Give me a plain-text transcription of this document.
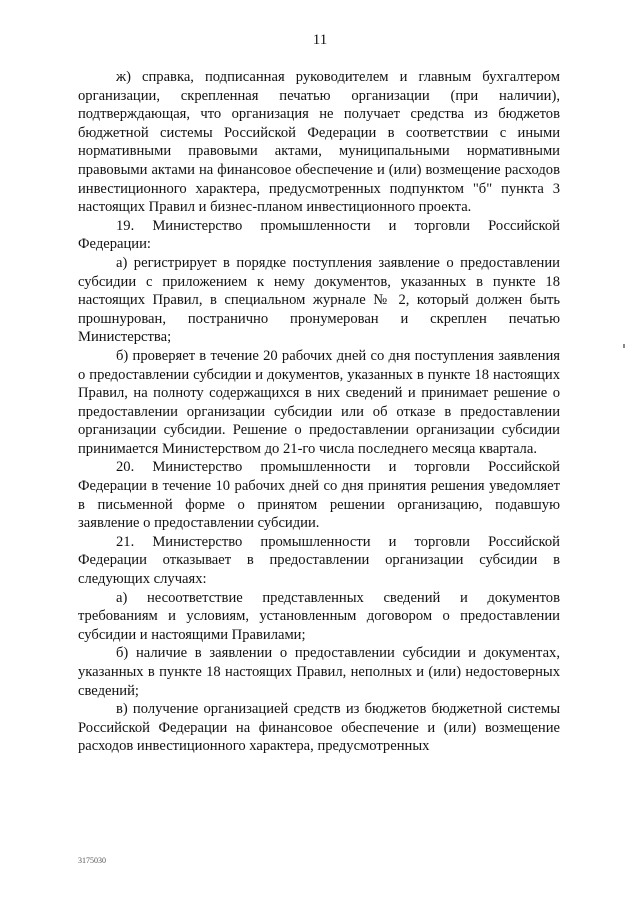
11

ж) справка, подписанная руководителем и главным бухгалтером организации, скрепленная печатью организации (при наличии), подтверждающая, что организация не получает средства из бюджетов бюджетной системы Российской Федерации в соответствии с иными нормативными правовыми актами, муниципальными нормативными правовыми актами на финансовое обеспечение и (или) возмещение расходов инвестиционного характера, предусмотренных подпунктом "б" пункта 3 настоящих Правил и бизнес-планом инвестиционного проекта.

19. Министерство промышленности и торговли Российской Федерации:

а) регистрирует в порядке поступления заявление о предоставлении субсидии с приложением к нему документов, указанных в пункте 18 настоящих Правил, в специальном журнале № 2, который должен быть прошнурован, постранично пронумерован и скреплен печатью Министерства;

б) проверяет в течение 20 рабочих дней со дня поступления заявления о предоставлении субсидии и документов, указанных в пункте 18 настоящих Правил, на полноту содержащихся в них сведений и принимает решение о предоставлении организации субсидии или об отказе в предоставлении организации субсидии. Решение о предоставлении организации субсидии принимается Министерством до 21-го числа последнего месяца квартала.

20. Министерство промышленности и торговли Российской Федерации в течение 10 рабочих дней со дня принятия решения уведомляет в письменной форме о принятом решении организацию, подавшую заявление о предоставлении субсидии.

21. Министерство промышленности и торговли Российской Федерации отказывает в предоставлении организации субсидии в следующих случаях:

а) несоответствие представленных сведений и документов требованиям и условиям, установленным договором о предоставлении субсидии и настоящими Правилами;

б) наличие в заявлении о предоставлении субсидии и документах, указанных в пункте 18 настоящих Правил, неполных и (или) недостоверных сведений;

в) получение организацией средств из бюджетов бюджетной системы Российской Федерации на финансовое обеспечение и (или) возмещение расходов инвестиционного характера, предусмотренных

3175030
